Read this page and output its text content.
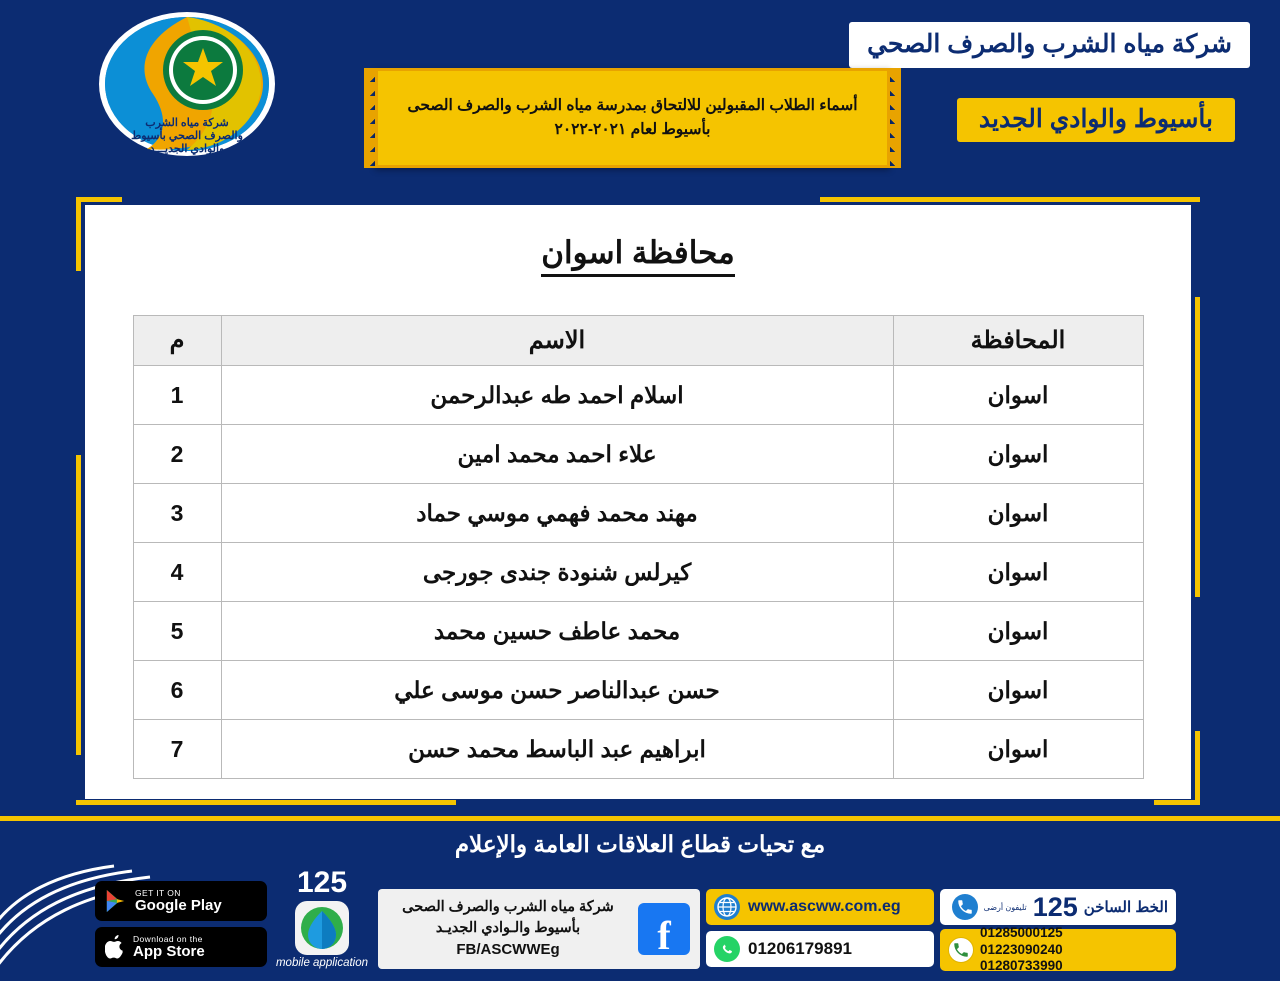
شركة مياه الشرب
والصرف الصحي بأسيوط
والوادي الجديـــد
شركة مياه الشرب والصرف الصحي
بأسيوط والوادي الجديد
أسماء الطلاب المقبولين للالتحاق بمدرسة مياه الشرب والصرف الصحى
بأسيوط لعام ٢٠٢١-٢٠٢٢
محافظة اسوان
المحافظة	الاسم	م
اسوان	اسلام احمد طه عبدالرحمن	1
اسوان	علاء احمد محمد امين	2
اسوان	مهند محمد فهمي موسي حماد	3
اسوان	كيرلس شنودة جندى جورجى	4
اسوان	محمد عاطف حسين محمد	5
اسوان	حسن عبدالناصر حسن موسى علي	6
اسوان	ابراهيم عبد الباسط محمد حسن	7
مع تحيات قطاع العلاقات العامة والإعلام
GET IT ON
Google Play
Download on the
App Store
125
mobile application
f
شركة مياه الشرب والصرف الصحى
بأسيوط والـوادي الجديـد
FB/ASCWWEg
www.ascww.com.eg
01206179891
الخط الساخن
125
تليفون أرضى
01285000125
01223090240
01280733990
